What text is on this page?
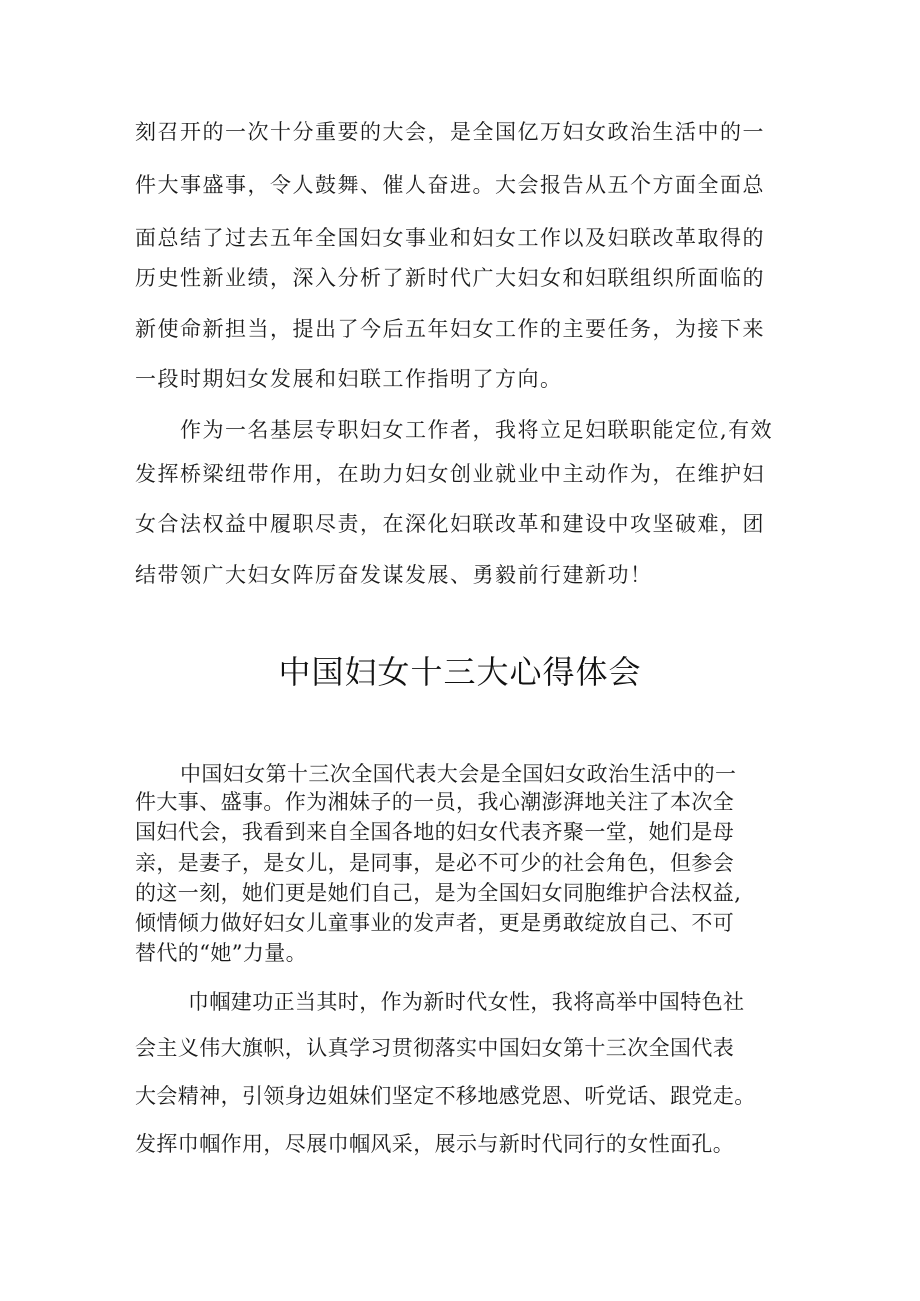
刻召开的一次十分重要的大会，是全国亿万妇女政治生活中的一
件大事盛事，令人鼓舞、催人奋进。大会报告从五个方面全面总
面总结了过去五年全国妇女事业和妇女工作以及妇联改革取得的
历史性新业绩，深入分析了新时代广大妇女和妇联组织所面临的
新使命新担当，提出了今后五年妇女工作的主要任务，为接下来
一段时期妇女发展和妇联工作指明了方向。
作为一名基层专职妇女工作者，我将立足妇联职能定位,有效
发挥桥梁纽带作用，在助力妇女创业就业中主动作为，在维护妇
女合法权益中履职尽责，在深化妇联改革和建设中攻坚破难，团
结带领广大妇女阵厉奋发谋发展、勇毅前行建新功！
中国妇女十三大心得体会
中国妇女第十三次全国代表大会是全国妇女政治生活中的一
件大事、盛事。作为湘妹子的一员，我心潮澎湃地关注了本次全
国妇代会，我看到来自全国各地的妇女代表齐聚一堂，她们是母
亲，是妻子，是女儿，是同事，是必不可少的社会角色，但参会
的这一刻，她们更是她们自己，是为全国妇女同胞维护合法权益,
倾情倾力做好妇女儿童事业的发声者，更是勇敢绽放自己、不可
替代的“她”力量。
巾帼建功正当其时，作为新时代女性，我将高举中国特色社
会主义伟大旗帜，认真学习贯彻落实中国妇女第十三次全国代表
大会精神，引领身边姐妹们坚定不移地感党恩、听党话、跟党走。
发挥巾帼作用，尽展巾帼风采，展示与新时代同行的女性面孔。
